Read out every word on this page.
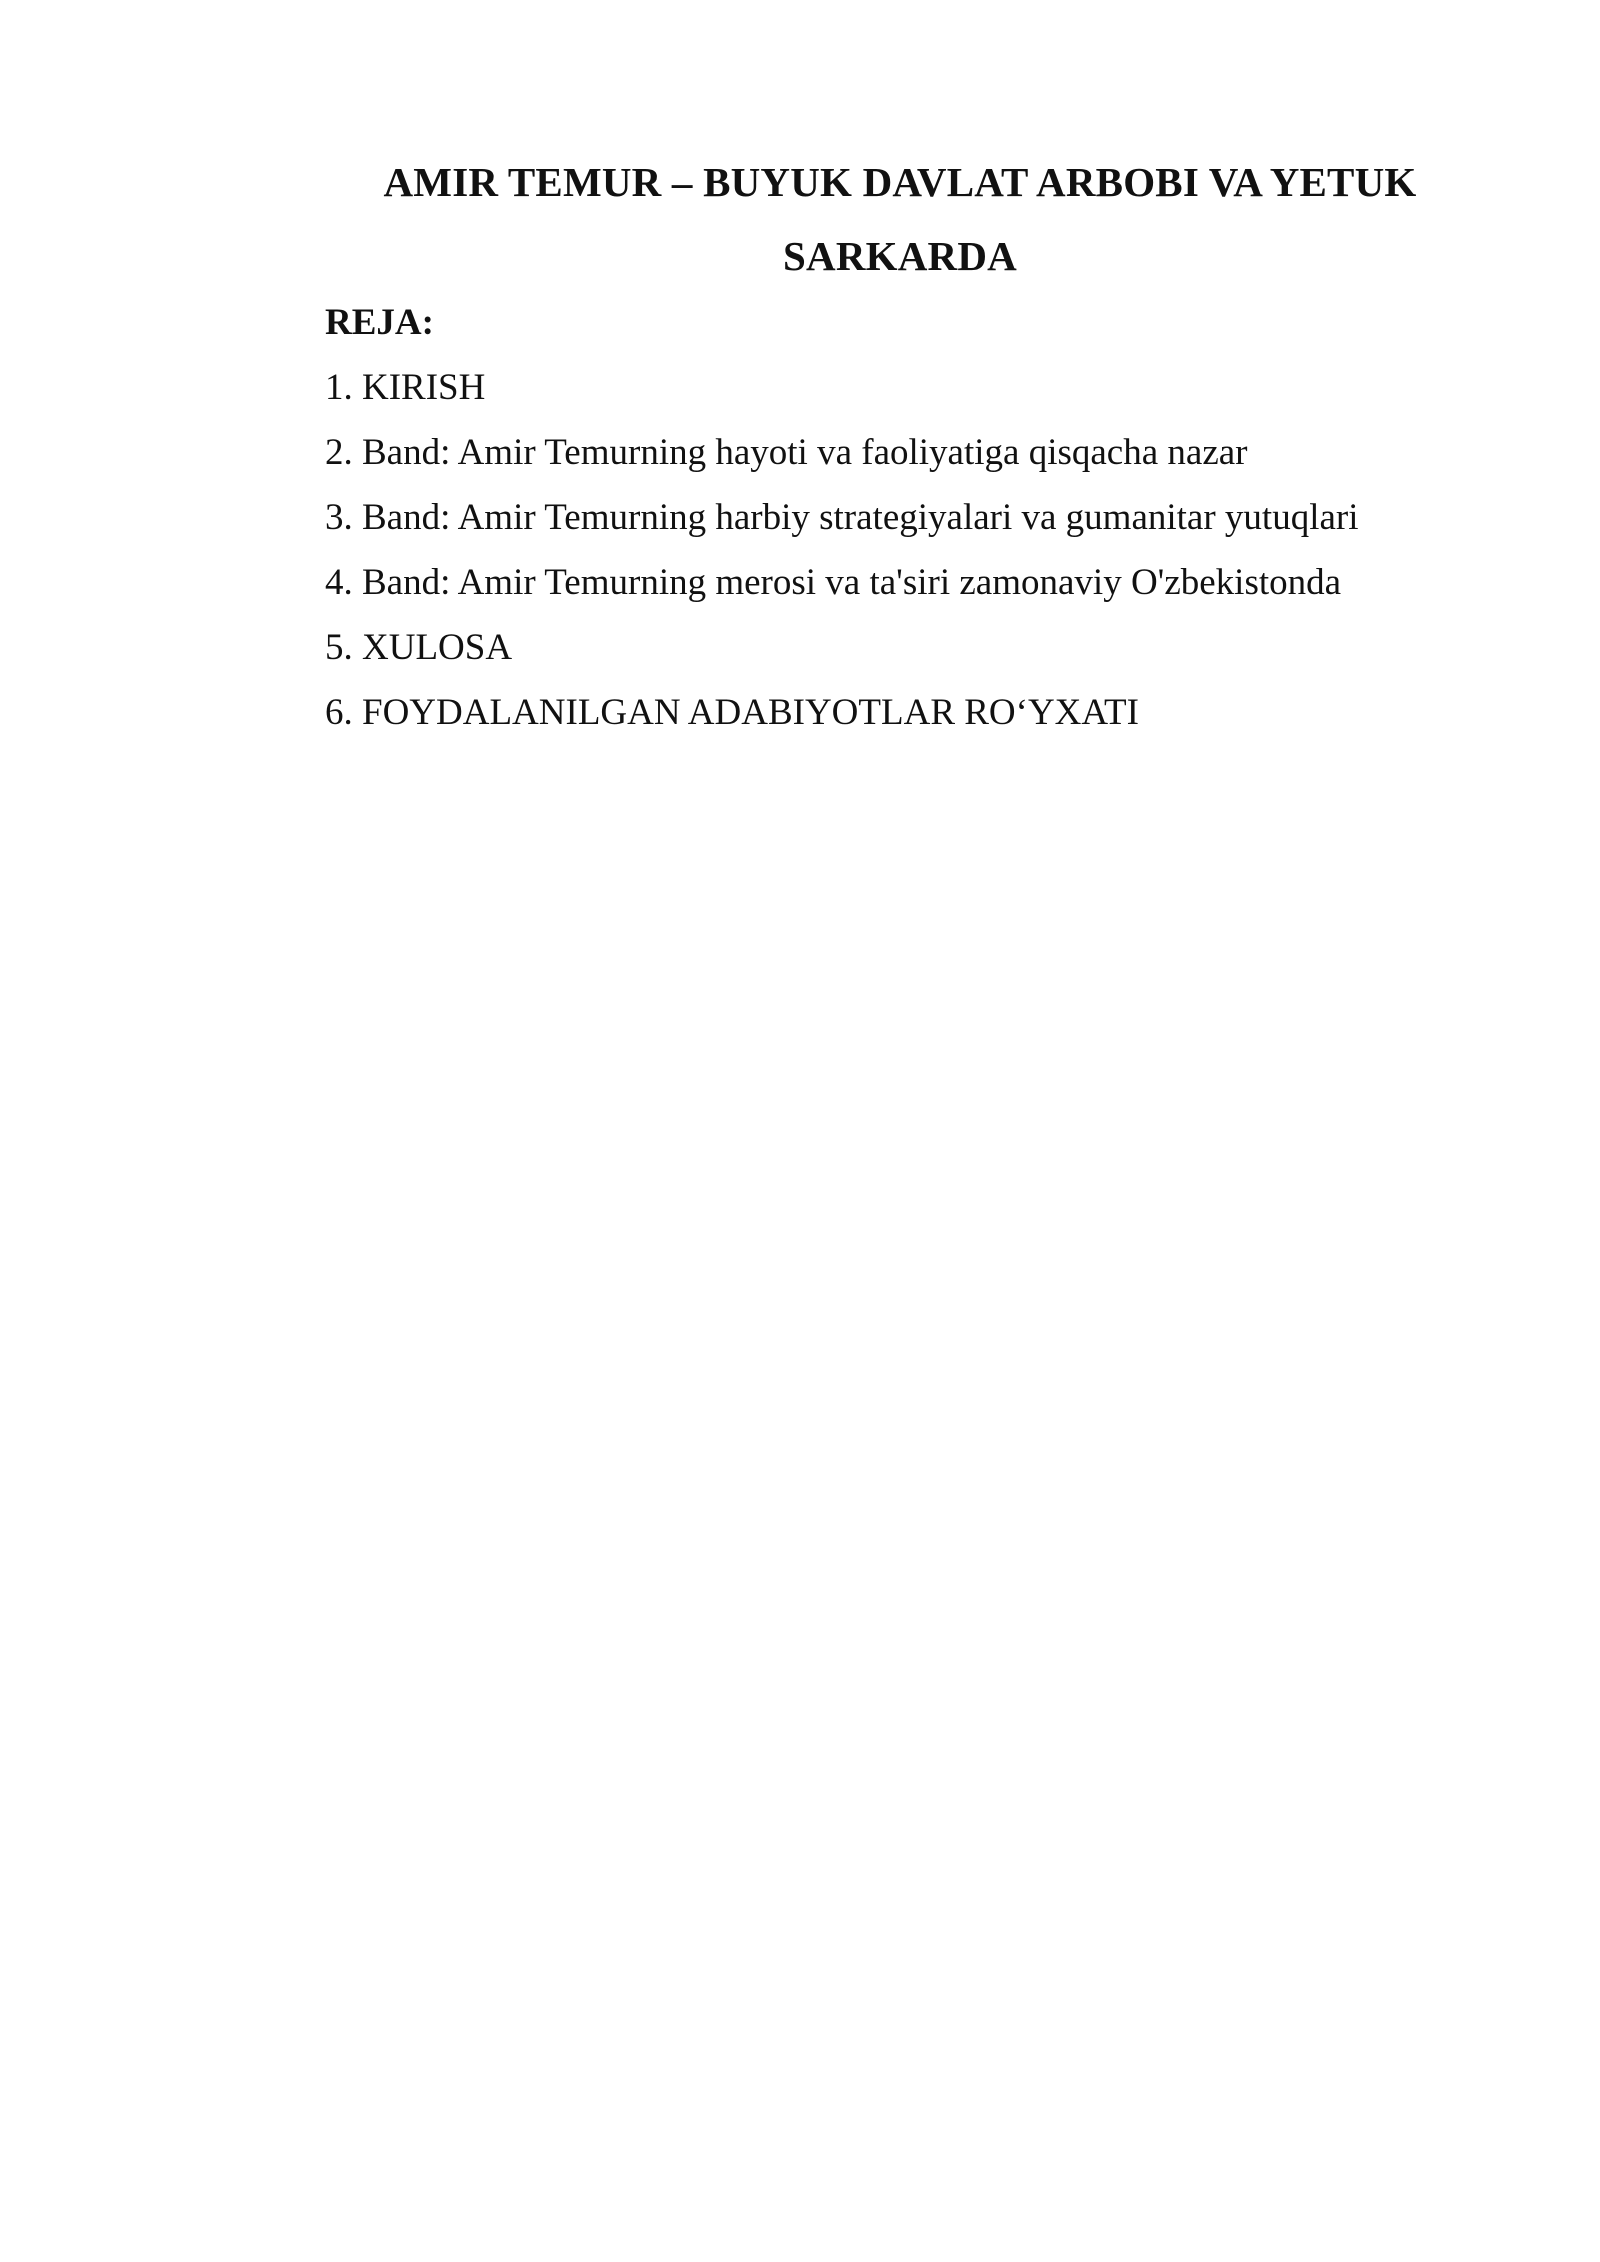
AMIR TEMUR – BUYUK DAVLAT ARBOBI VA YETUK SARKARDA

REJA:

1. KIRISH
2. Band: Amir Temurning hayoti va faoliyatiga qisqacha nazar
3. Band: Amir Temurning harbiy strategiyalari va gumanitar yutuqlari
4. Band: Amir Temurning merosi va ta'siri zamonaviy O'zbekistonda
5. XULOSA
6. FOYDALANILGAN ADABIYOTLAR RO‘YXATI
